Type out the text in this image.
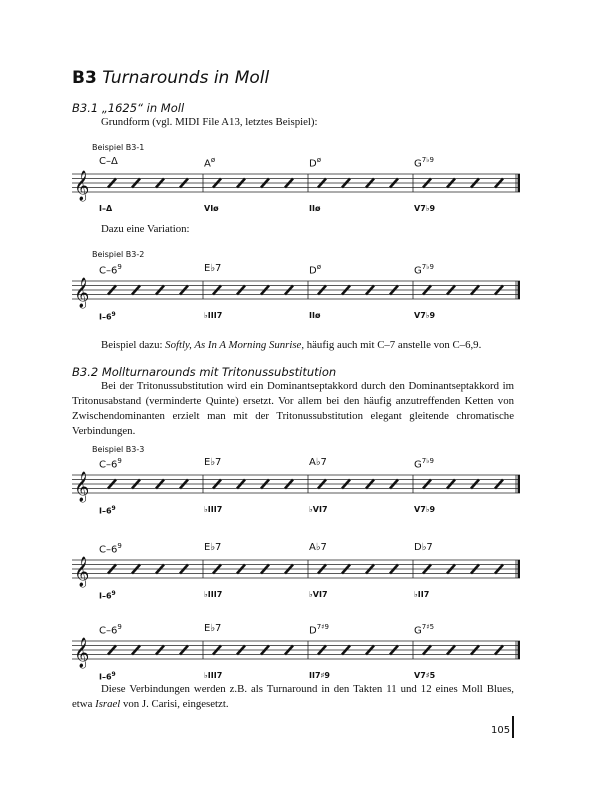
B3 Turnarounds in Moll
B3.1 „1625“ in Moll
Grundform (vgl. MIDI File A13, letztes Beispiel):
Beispiel B3-1
C–Δ	$A^ø$	$D^ø$	$G^{7♭9}$
𝄞
I–Δ	VIø	IIø	V7♭9
Dazu eine Variation:
Beispiel B3-2
$C-6^9$	E♭7	$D^ø$	$G^{7♭9}$
𝄞
$I-6^9$	♭III7	IIø	V7♭9
Beispiel dazu: Softly, As In A Morning Sunrise, häufig auch mit C–7 anstelle von C–6,9.
B3.2 Mollturnarounds mit Tritonussubstitution
Bei der Tritonussubstitution wird ein Dominantseptakkord durch den Dominantseptakkord im Tritonusabstand (verminderte Quinte) ersetzt. Vor allem bei den häufig anzutreffenden Ketten von Zwischendominanten erzielt man mit der Tritonussubstitution elegant gleitende chromatische Verbindungen.
Beispiel B3-3
$C-6^9$	E♭7	A♭7	$G^{7♭9}$
𝄞
$I-6^9$	♭III7	♭VI7	V7♭9
$C-6^9$	E♭7	A♭7	D♭7
𝄞
$I-6^9$	♭III7	♭VI7	♭II7
$C-6^9$	E♭7	$D^{7♯9}$	$G^{7♯5}$
𝄞
$I-6^9$	♭III7	II7♯9	V7♯5
Diese Verbindungen werden z.B. als Turnaround in den Takten 11 und 12 eines Moll Blues, etwa Israel von J. Carisi, eingesetzt.
105
